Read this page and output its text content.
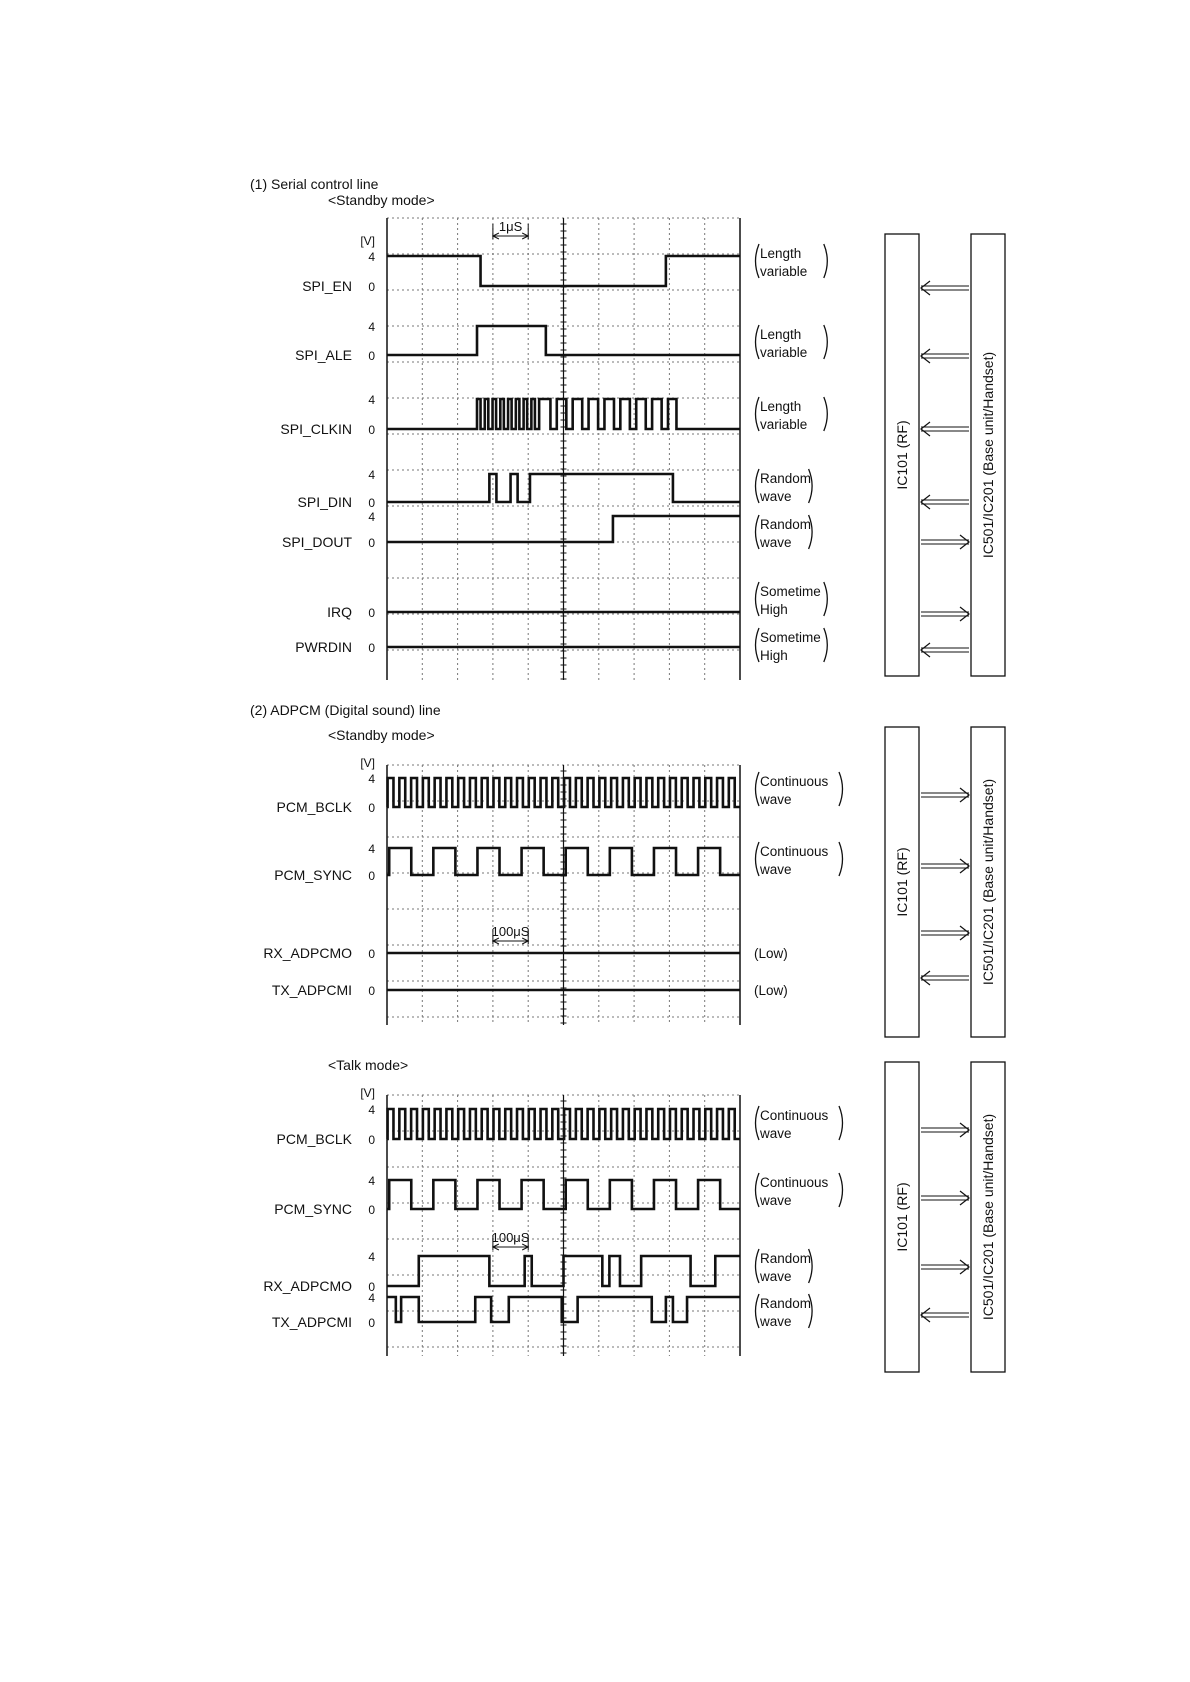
(1) Serial control line
<Standby mode>
(2) ADPCM (Digital sound) line
<Standby mode>
<Talk mode>
[V]
1μS
SPI_EN
4
0
Length
variable
SPI_ALE
4
0
Length
variable
SPI_CLKIN
4
0
Length
variable
SPI_DIN
4
0
Random
wave
SPI_DOUT
4
0
Random
wave
IRQ 0
Sometime
High
PWRDIN 0
Sometime
High
IC101 (RF)	IC501/IC201 (Base unit/Handset)
[V]
100μS
PCM_BCLK
4
0
Continuous
wave
PCM_SYNC
4
0
Continuous
wave
RX_ADPCMO 0	(Low)
TX_ADPCMI 0	(Low)
IC101 (RF)	IC501/IC201 (Base unit/Handset)
[V]
100μS
PCM_BCLK
4
0
Continuous
wave
PCM_SYNC
4
0
Continuous
wave
RX_ADPCMO
4
0
Random
wave
TX_ADPCMI
4
0
Random
wave
IC101 (RF)	IC501/IC201 (Base unit/Handset)
